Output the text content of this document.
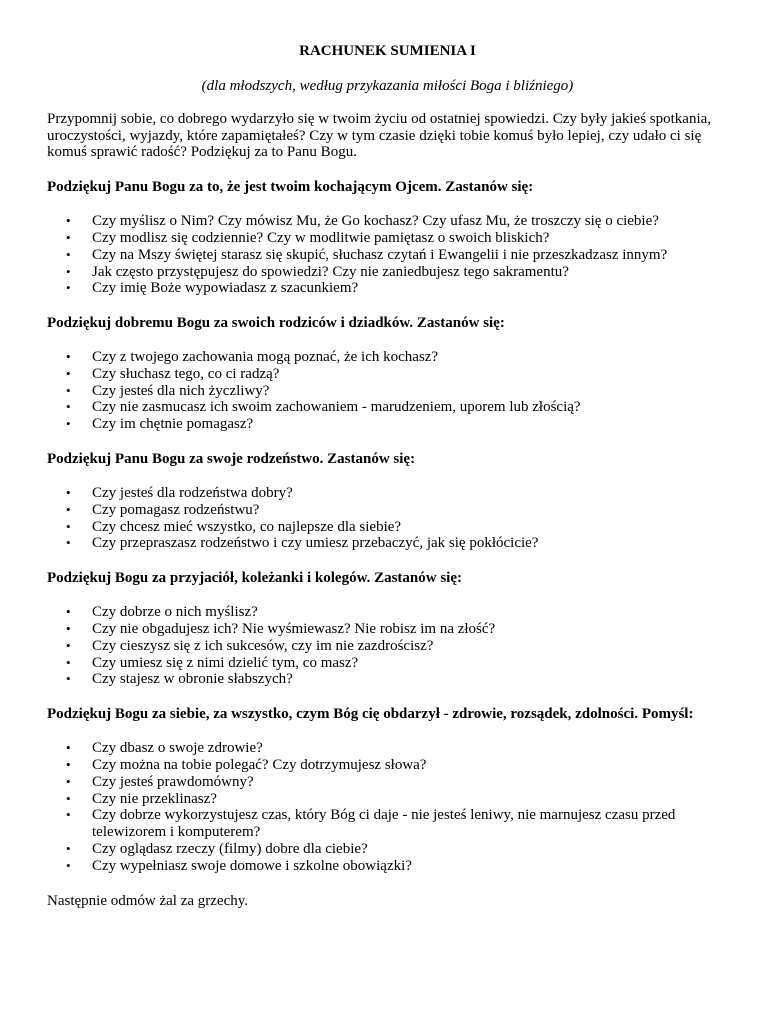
RACHUNEK SUMIENIA I

(dla młodszych, według przykazania miłości Boga i bliźniego)

Przypomnij sobie, co dobrego wydarzyło się w twoim życiu od ostatniej spowiedzi. Czy były jakieś spotkania, uroczystości, wyjazdy, które zapamiętałeś? Czy w tym czasie dzięki tobie komuś było lepiej, czy udało ci się komuś sprawić radość? Podziękuj za to Panu Bogu.

Podziękuj Panu Bogu za to, że jest twoim kochającym Ojcem. Zastanów się:

• Czy myślisz o Nim? Czy mówisz Mu, że Go kochasz? Czy ufasz Mu, że troszczy się o ciebie?
• Czy modlisz się codziennie? Czy w modlitwie pamiętasz o swoich bliskich?
• Czy na Mszy świętej starasz się skupić, słuchasz czytań i Ewangelii i nie przeszkadzasz innym?
• Jak często przystępujesz do spowiedzi? Czy nie zaniedbujesz tego sakramentu?
• Czy imię Boże wypowiadasz z szacunkiem?

Podziękuj dobremu Bogu za swoich rodziców i dziadków. Zastanów się:

• Czy z twojego zachowania mogą poznać, że ich kochasz?
• Czy słuchasz tego, co ci radzą?
• Czy jesteś dla nich życzliwy?
• Czy nie zasmucasz ich swoim zachowaniem - marudzeniem, uporem lub złością?
• Czy im chętnie pomagasz?

Podziękuj Panu Bogu za swoje rodzeństwo. Zastanów się:

• Czy jesteś dla rodzeństwa dobry?
• Czy pomagasz rodzeństwu?
• Czy chcesz mieć wszystko, co najlepsze dla siebie?
• Czy przepraszasz rodzeństwo i czy umiesz przebaczyć, jak się pokłócicie?

Podziękuj Bogu za przyjaciół, koleżanki i kolegów. Zastanów się:

• Czy dobrze o nich myślisz?
• Czy nie obgadujesz ich? Nie wyśmiewasz? Nie robisz im na złość?
• Czy cieszysz się z ich sukcesów, czy im nie zazdrościsz?
• Czy umiesz się z nimi dzielić tym, co masz?
• Czy stajesz w obronie słabszych?

Podziękuj Bogu za siebie, za wszystko, czym Bóg cię obdarzył - zdrowie, rozsądek, zdolności. Pomyśl:

• Czy dbasz o swoje zdrowie?
• Czy można na tobie polegać? Czy dotrzymujesz słowa?
• Czy jesteś prawdomówny?
• Czy nie przeklinasz?
• Czy dobrze wykorzystujesz czas, który Bóg ci daje - nie jesteś leniwy, nie marnujesz czasu przed telewizorem i komputerem?
• Czy oglądasz rzeczy (filmy) dobre dla ciebie?
• Czy wypełniasz swoje domowe i szkolne obowiązki?

Następnie odmów żal za grzechy.
